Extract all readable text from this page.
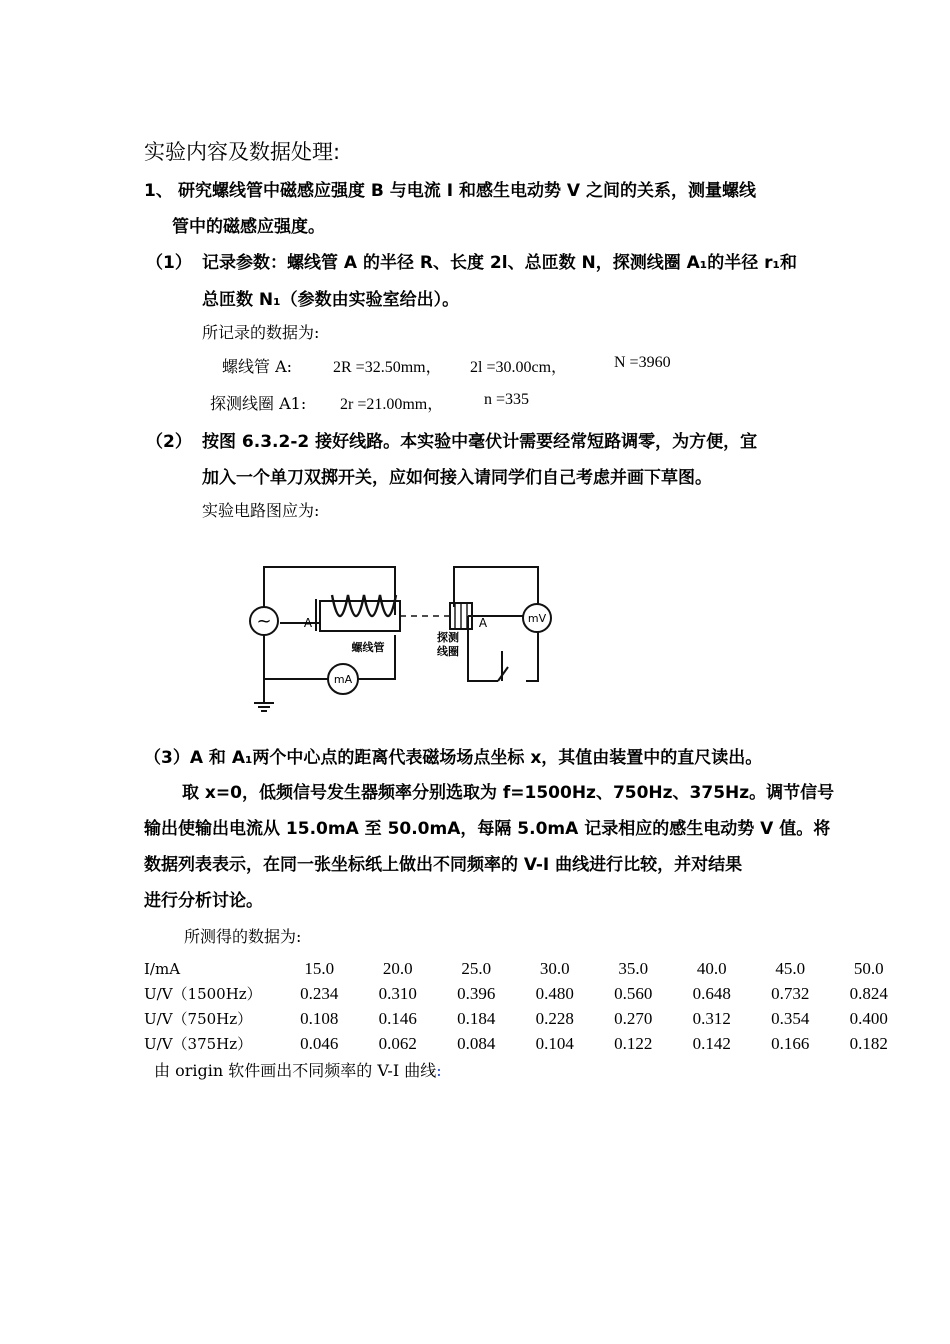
实验内容及数据处理:
1、 研究螺线管中磁感应强度 B 与电流 I 和感生电动势 V 之间的关系，测量螺线
管中的磁感应强度。
（1） 记录参数：螺线管 A 的半径 R、长度 2l、总匝数 N，探测线圈 A₁的半径 r₁和
总匝数 N₁（参数由实验室给出）。
所记录的数据为:
螺线管 A:	2R =32.50mm， 2l =30.00cm，	N =3960
探测线圈 A1: 2r =21.00mm，	n =335
（2） 按图 6.3.2-2 接好线路。本实验中毫伏计需要经常短路调零，为方便，宜
加入一个单刀双掷开关，应如何接入请同学们自己考虑并画下草图。
实验电路图应为:
~	A	A
螺线管
探测
线圈
mA
mV
（3）A 和 A₁两个中心点的距离代表磁场场点坐标 x，其值由装置中的直尺读出。
取 x=0，低频信号发生器频率分别选取为 f=1500Hz、750Hz、375Hz。调节信号
输出使输出电流从 15.0mA 至 50.0mA，每隔 5.0mA 记录相应的感生电动势 V 值。将
数据列表表示，在同一张坐标纸上做出不同频率的 V-I 曲线进行比较，并对结果
进行分析讨论。
所测得的数据为:
I/mA	15.0	20.0	25.0	30.0	35.0	40.0	45.0	50.0
U/V（1500Hz）	0.234	0.310	0.396	0.480	0.560	0.648	0.732	0.824
U/V（750Hz）	0.108	0.146	0.184	0.228	0.270	0.312	0.354	0.400
U/V（375Hz）	0.046	0.062	0.084	0.104	0.122	0.142	0.166	0.182
由 origin 软件画出不同频率的 V-I 曲线:
